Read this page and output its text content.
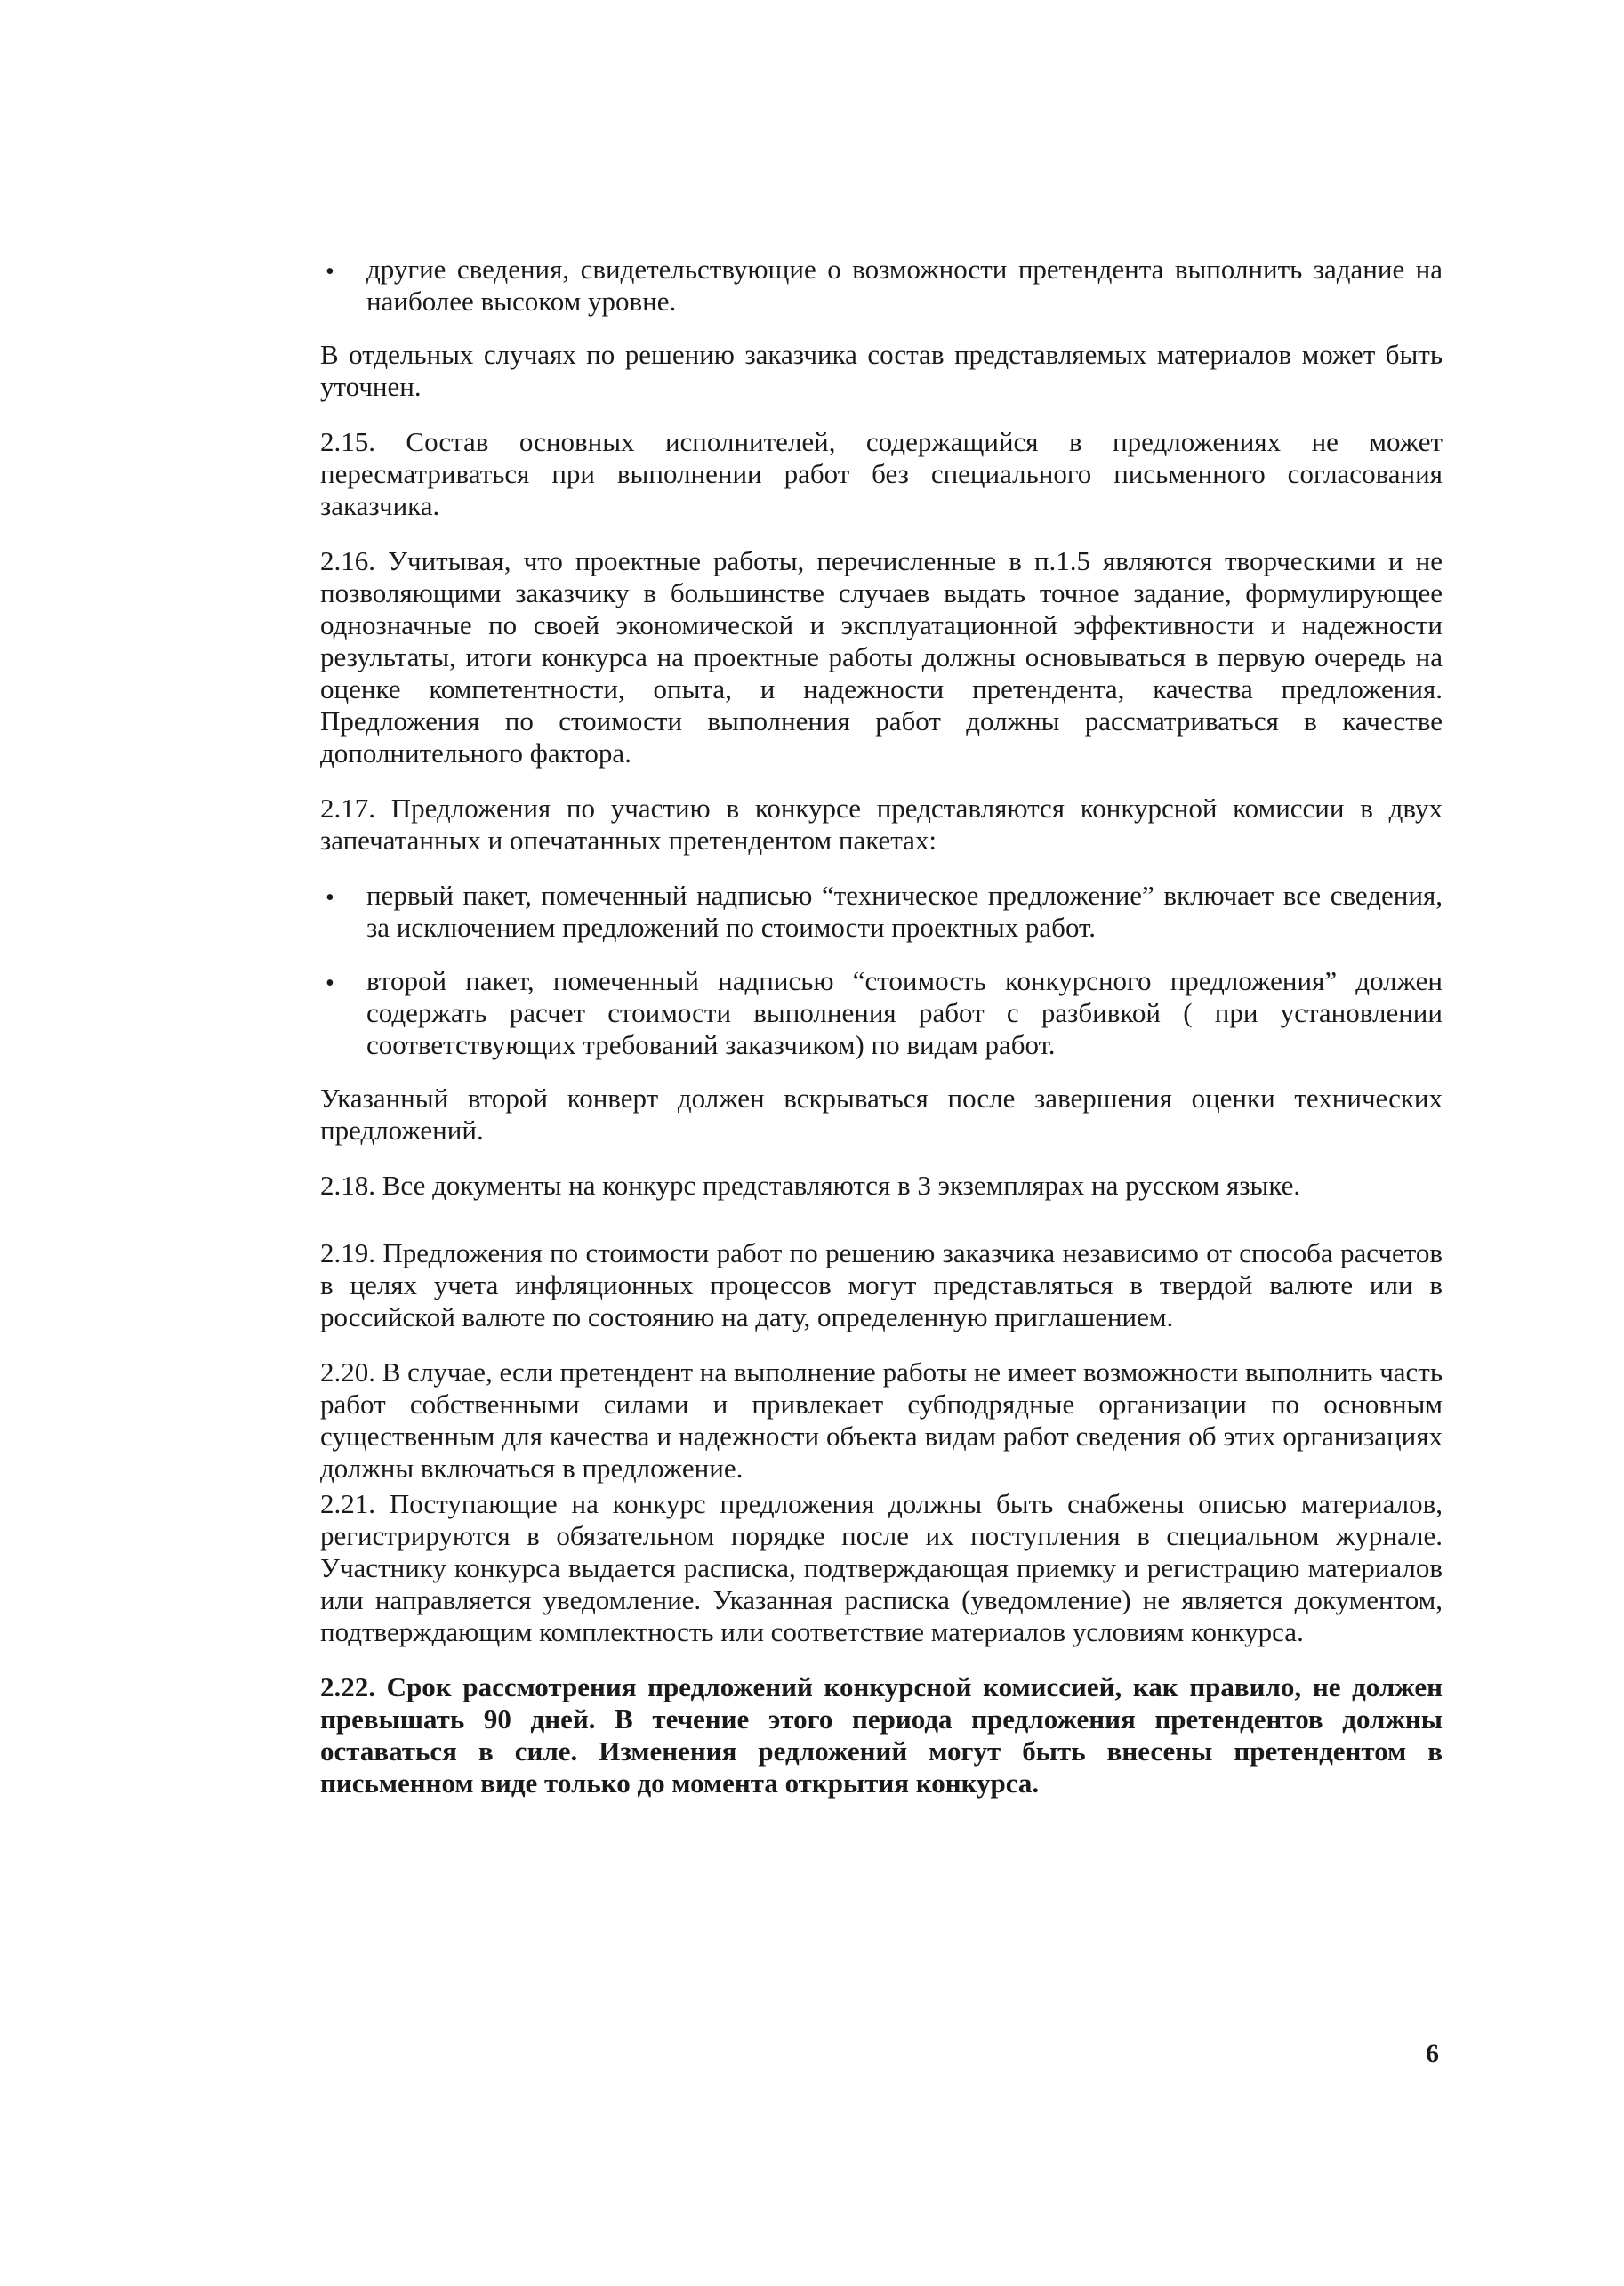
• другие сведения, свидетельствующие о возможности претендента выполнить задание на наиболее высоком уровне.

В отдельных случаях по решению заказчика состав представляемых материалов может быть уточнен.

2.15. Состав основных исполнителей, содержащийся в предложениях не может пересматриваться при выполнении работ без специального письменного согласования заказчика.

2.16. Учитывая, что проектные работы, перечисленные в п.1.5 являются творческими и не позволяющими заказчику в большинстве случаев выдать точное задание, формулирующее однозначные по своей экономической и эксплуатационной эффективности и надежности результаты, итоги конкурса на проектные работы должны основываться в первую очередь на оценке компетентности, опыта, и надежности претендента, качества предложения. Предложения по стоимости выполнения работ должны рассматриваться в качестве дополнительного фактора.

2.17. Предложения по участию в конкурсе представляются конкурсной комиссии в двух запечатанных и опечатанных претендентом пакетах:

• первый пакет, помеченный надписью “техническое предложение” включает все сведения, за исключением предложений по стоимости проектных работ.
• второй пакет, помеченный надписью “стоимость конкурсного предложения” должен содержать расчет стоимости выполнения работ с разбивкой ( при установлении соответствующих требований заказчиком) по видам работ.

Указанный второй конверт должен вскрываться после завершения оценки технических предложений.

2.18. Все документы на конкурс представляются в 3 экземплярах на русском языке.

2.19. Предложения по стоимости работ по решению заказчика независимо от способа расчетов в целях учета инфляционных процессов могут представляться в твердой валюте или в российской валюте по состоянию на дату, определенную приглашением.

2.20. В случае, если претендент на выполнение работы не имеет возможности выполнить часть работ собственными силами и привлекает субподрядные организации по основным существенным для качества и надежности объекта видам работ сведения об этих организациях должны включаться в предложение.

2.21. Поступающие на конкурс предложения должны быть снабжены описью материалов, регистрируются в обязательном порядке после их поступления в специальном журнале. Участнику конкурса выдается расписка, подтверждающая приемку и регистрацию материалов или направляется уведомление. Указанная расписка (уведомление) не является документом, подтверждающим комплектность или соответствие материалов условиям конкурса.

2.22. Срок рассмотрения предложений конкурсной комиссией, как правило, не должен превышать 90 дней. В течение этого периода предложения претендентов должны оставаться в силе. Изменения редложений могут быть внесены претендентом в письменном виде только до момента открытия конкурса.

6
